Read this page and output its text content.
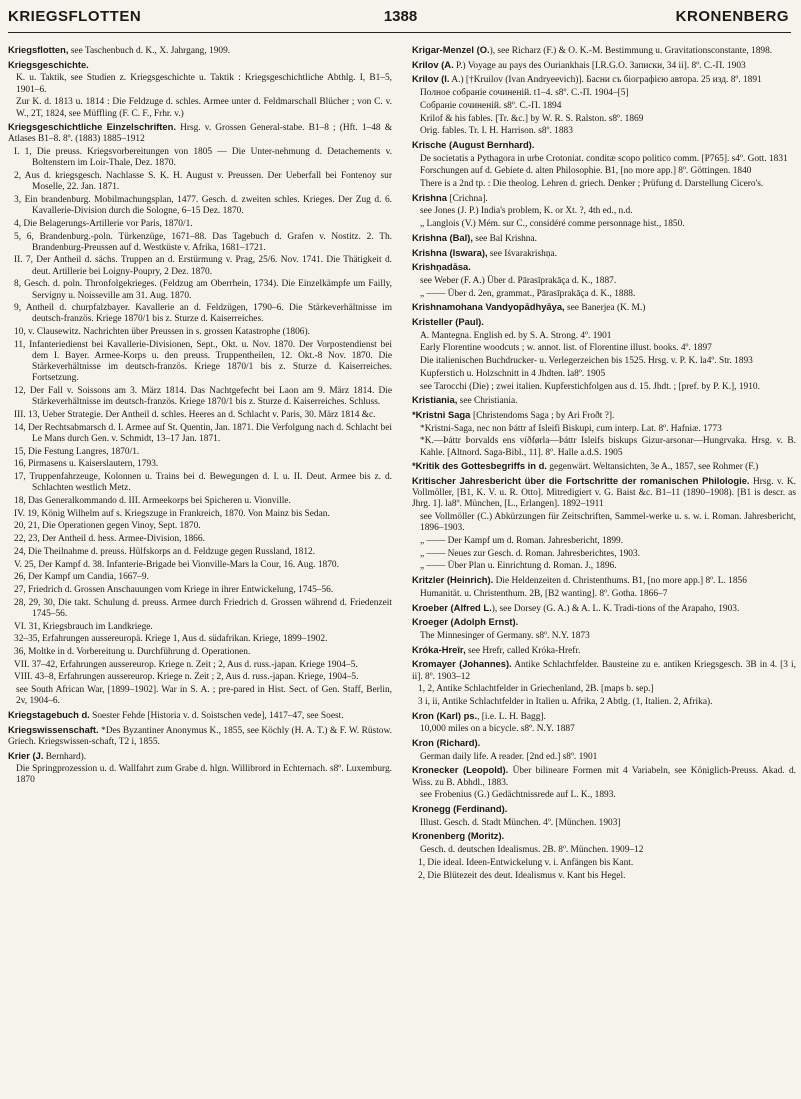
KRIEGSFLOTTEN	1388	KRONENBERG

Kriegsflotten, see Taschenbuch d. K., X. Jahrgang, 1909.

Kriegsgeschichte.

K. u. Taktik, see Studien z. Kriegsgeschichte u. Taktik : Kriegsgeschichtliche Abthlg. I, B1–5, 1901–6.

Zur K. d. 1813 u. 1814 : Die Feldzuge d. schles. Armee unter d. Feldmarschall Blücher ; von C. v. W., 2T, 1824, see Müffling (F. C. F., Frhr. v.)

Kriegsgeschichtliche Einzelschriften. Hrsg. v. Grossen General-stabe. B1–8 ; (Hft. 1–48 & Atlases B1–8. 8º. (1883) 1885–1912

I. 1, Die preuss. Kriegsvorbereitungen von 1805 — Die Unter-nehmung d. Detachements v. Boltenstern im Loir-Thale, Dez. 1870.

2, Aus d. kriegsgesch. Nachlasse S. K. H. August v. Preussen. Der Ueberfall bei Fontenoy sur Moselle, 22. Jan. 1871.

3, Ein brandenburg. Mobilmachungsplan, 1477. Gesch. d. zweiten schles. Krieges. Der Zug d. 6. Kavallerie-Division durch die Sologne, 6–15 Dez. 1870.

4, Die Belagerungs-Artillerie vor Paris, 1870/1.

5, 6, Brandenburg.-poln. Türkenzüge, 1671–88. Das Tagebuch d. Grafen v. Nostitz. 2. Th. Brandenburg-Preussen auf d. Westküste v. Afrika, 1681–1721.

II. 7, Der Antheil d. sächs. Truppen an d. Erstürmung v. Prag, 25/6. Nov. 1741. Die Thätigkeit d. deut. Artillerie bei Loigny-Poupry, 2 Dez. 1870.

8, Gesch. d. poln. Thronfolgekrieges. (Feldzug am Oberrhein, 1734). Die Einzelkämpfe um Failly, Servigny u. Noisseville am 31. Aug. 1870.

9, Antheil d. churpfalzbayer. Kavallerie an d. Feldzügen, 1790–6. Die Stärkeverhältnisse im deutsch-französ. Kriege 1870/1 bis z. Sturze d. Kaiserreiches.

10, v. Clausewitz. Nachrichten über Preussen in s. grossen Katastrophe (1806).

11, Infanteriedienst bei Kavallerie-Divisionen, Sept., Okt. u. Nov. 1870. Der Vorpostendienst bei dem I. Bayer. Armee-Korps u. den preuss. Truppentheilen, 12. Okt.-8 Nov. 1870. Die Stärkeverhältnisse im deutsch-französ. Kriege 1870/1 bis z. Sturze d. Kaiserreiches. Fortsetzung.

12, Der Fall v. Soissons am 3. März 1814. Das Nachtgefecht bei Laon am 9. März 1814. Die Stärkeverhältnisse im deutsch-französ. Kriege 1870/1 bis z. Sturze d. Kaiserreiches. Schluss.

III. 13, Ueber Strategie. Der Antheil d. schles. Heeres an d. Schlacht v. Paris, 30. März 1814 &c.

14, Der Rechtsabmarsch d. I. Armee auf St. Quentin, Jan. 1871. Die Verfolgung nach d. Schlacht bei Le Mans durch Gen. v. Schmidt, 13–17 Jan. 1871.

15, Die Festung Langres, 1870/1.

16, Pirmasens u. Kaiserslautern, 1793.

17, Truppenfahrzeuge, Kolonnen u. Trains bei d. Bewegungen d. I. u. II. Deut. Armee bis z. d. Schlachten westlich Metz.

18, Das Generalkommando d. III. Armeekorps bei Spicheren u. Vionville.

IV. 19, König Wilhelm auf s. Kriegszuge in Frankreich, 1870. Von Mainz bis Sedan.

20, 21, Die Operationen gegen Vinoy, Sept. 1870.

22, 23, Der Antheil d. hess. Armee-Division, 1866.

24, Die Theilnahme d. preuss. Hülfskorps an d. Feldzuge gegen Russland, 1812.

V. 25, Der Kampf d. 38. Infanterie-Brigade bei Vionville-Mars la Cour, 16. Aug. 1870.

26, Der Kampf um Candia, 1667–9.

27, Friedrich d. Grossen Anschauungen vom Kriege in ihrer Entwickelung, 1745–56.

28, 29, 30, Die takt. Schulung d. preuss. Armee durch Friedrich d. Grossen während d. Friedenzeit 1745–56.

VI. 31, Kriegsbrauch im Landkriege.

32–35, Erfahrungen aussereuropä. Kriege 1, Aus d. südafrikan. Kriege, 1899–1902.

36, Moltke in d. Vorbereitung u. Durchführung d. Operationen.

VII. 37–42, Erfahrungen aussereurop. Kriege n. Zeit ; 2, Aus d. russ.-japan. Kriege 1904–5.

VIII. 43–8, Erfahrungen aussereurop. Kriege n. Zeit ; 2, Aus d. russ.-japan. Kriege, 1904–5.

see South African War, [1899–1902]. War in S. A. ; pre-pared in Hist. Sect. of Gen. Staff, Berlin, 2v, 1904–6.

Kriegstagebuch d. Soester Fehde [Historia v. d. Soistschen vede], 1417–47, see Soest.

Kriegswissenschaft. *Des Byzantiner Anonymus K., 1855, see Köchly (H. A. T.) & F. W. Rüstow. Griech. Kriegswissen-schaft, T2 i, 1855.

Krier (J. Bernhard).

Die Springprozession u. d. Wallfahrt zum Grabe d. hlgn. Willibrord in Echternach. s8º. Luxemburg. 1870

Krigar-Menzel (O.), see Richarz (F.) & O. K.-M. Bestimmung u. Gravitationsconstante, 1898.

Krilov (A. P.) Voyage au pays des Ouriankhais [I.R.G.O. Записки, 34 ii]. 8º. C.-П. 1903

Krilov (I. A.) [†Kruilov (Ivan Andryeevich)]. Басни съ біографією автора. 25 изд. 8º. 1891

Полное собраніе сочиненій. t1–4. s8º. C.-П. 1904–[5]

Собраніе сочиненій. s8º. C.-П. 1894

Krilof & his fables. [Tr. &c.] by W. R. S. Ralston. s8º. 1869

Orig. fables. Tr. I. H. Harrison. s8º. 1883

Krische (August Bernhard).

De societatis a Pythagora in urbe Crotoniat. conditæ scopo politico comm. [P765]. s4º. Gott. 1831

Forschungen auf d. Gebiete d. alten Philosophie. B1, [no more app.] 8º. Göttingen. 1840

There is a 2nd tp. : Die theolog. Lehren d. griech. Denker ; Prüfung d. Darstellung Cicero's.

Krishna [Crichna].

see Jones (J. P.) India's problem, K. or Xt. ?, 4th ed., n.d.

„ Langlois (V.) Mém. sur C., considéré comme personnage hist., 1850.

Krishna (Bal), see Bal Krishna.

Krishna (Iswara), see Iśvarakrishṇa.

Krishṇadāsa.

see Weber (F. A.) Über d. Pārasīprakāça d. K., 1887.

„ —— Über d. 2en, grammat., Pārasīprakāça d. K., 1888.

Krishnamohana Vandyopādhyāya, see Banerjea (K. M.)

Kristeller (Paul).

A. Mantegna. English ed. by S. A. Strong. 4º. 1901

Early Florentine woodcuts ; w. annot. list. of Florentine illust. books. 4º. 1897

Die italienischen Buchdrucker- u. Verlegerzeichen bis 1525. Hrsg. v. P. K. la4º. Str. 1893

Kupferstich u. Holzschnitt in 4 Jhdten. la8º. 1905

see Tarocchi (Die) ; zwei italien. Kupferstichfolgen aus d. 15. Jhdt. ; [pref. by P. K.], 1910.

Kristiania, see Christiania.

*Kristni Saga [Christendoms Saga ; by Ari Froðt ?].

*Kristni-Saga, nec non Þáttr af Isleifi Biskupi, cum interp. Lat. 8º. Hafniæ. 1773

*K.—Þáttr Þorvalds ens víðførla—Þáttr Isleifs biskups Gizur-arsonar—Hungrvaka. Hrsg. v. B. Kahle. [Altnord. Saga-Bibl., 11]. 8º. Halle a.d.S. 1905

*Kritik des Gottesbegriffs in d. gegenwärt. Weltansichten, 3e A., 1857, see Rohmer (F.)

Kritischer Jahresbericht über die Fortschritte der romanischen Philologie. Hrsg. v. K. Vollmöller, [B1, K. V. u. R. Otto]. Mitredigiert v. G. Baist &c. B1–11 (1890–1908). [B1 is descr. as Jhrg. 1]. la8º. München, [L., Erlangen]. 1892–1911

see Vollmöller (C.) Abkürzungen für Zeitschriften, Sammel-werke u. s. w. i. Roman. Jahresbericht, 1896–1903.

„ —— Der Kampf um d. Roman. Jahresbericht, 1899.

„ —— Neues zur Gesch. d. Roman. Jahresberichtes, 1903.

„ —— Über Plan u. Einrichtung d. Roman. J., 1896.

Kritzler (Heinrich). Die Heldenzeiten d. Christenthums. B1, [no more app.] 8º. L. 1856

Humanität. u. Christenthum. 2B, [B2 wanting]. 8º. Gotha. 1866–7

Kroeber (Alfred L.), see Dorsey (G. A.) & A. L. K. Tradi-tions of the Arapaho, 1903.

Kroeger (Adolph Ernst).

The Minnesinger of Germany. s8º. N.Y. 1873

Króka-Hreîr, see Hrefr, called Króka-Hrefr.

Kromayer (Johannes). Antike Schlachtfelder. Bausteine zu e. antiken Kriegsgesch. 3B in 4. [3 i, ii]. 8º. 1903–12

1, 2, Antike Schlachtfelder in Griechenland, 2B. [maps b. sep.]

3 i, ii, Antike Schlachtfelder in Italien u. Afrika, 2 Abtlg. (1, Italien. 2, Afrika).

Kron (Karl) ps., [i.e. L. H. Bagg].

10,000 miles on a bicycle. s8º. N.Y. 1887

Kron (Richard).

German daily life. A reader. [2nd ed.] s8º. 1901

Kronecker (Leopold). Über bilineare Formen mit 4 Variabeln, see Königlich-Preuss. Akad. d. Wiss. zu B. Abhdl., 1883.

see Frobenius (G.) Gedächtnissrede auf L. K., 1893.

Kronegg (Ferdinand).

Illust. Gesch. d. Stadt München. 4º. [München. 1903]

Kronenberg (Moritz).

Gesch. d. deutschen Idealismus. 2B. 8º. München. 1909–12

1, Die ideal. Ideen-Entwickelung v. i. Anfängen bis Kant.

2, Die Blütezeit des deut. Idealismus v. Kant bis Hegel.
